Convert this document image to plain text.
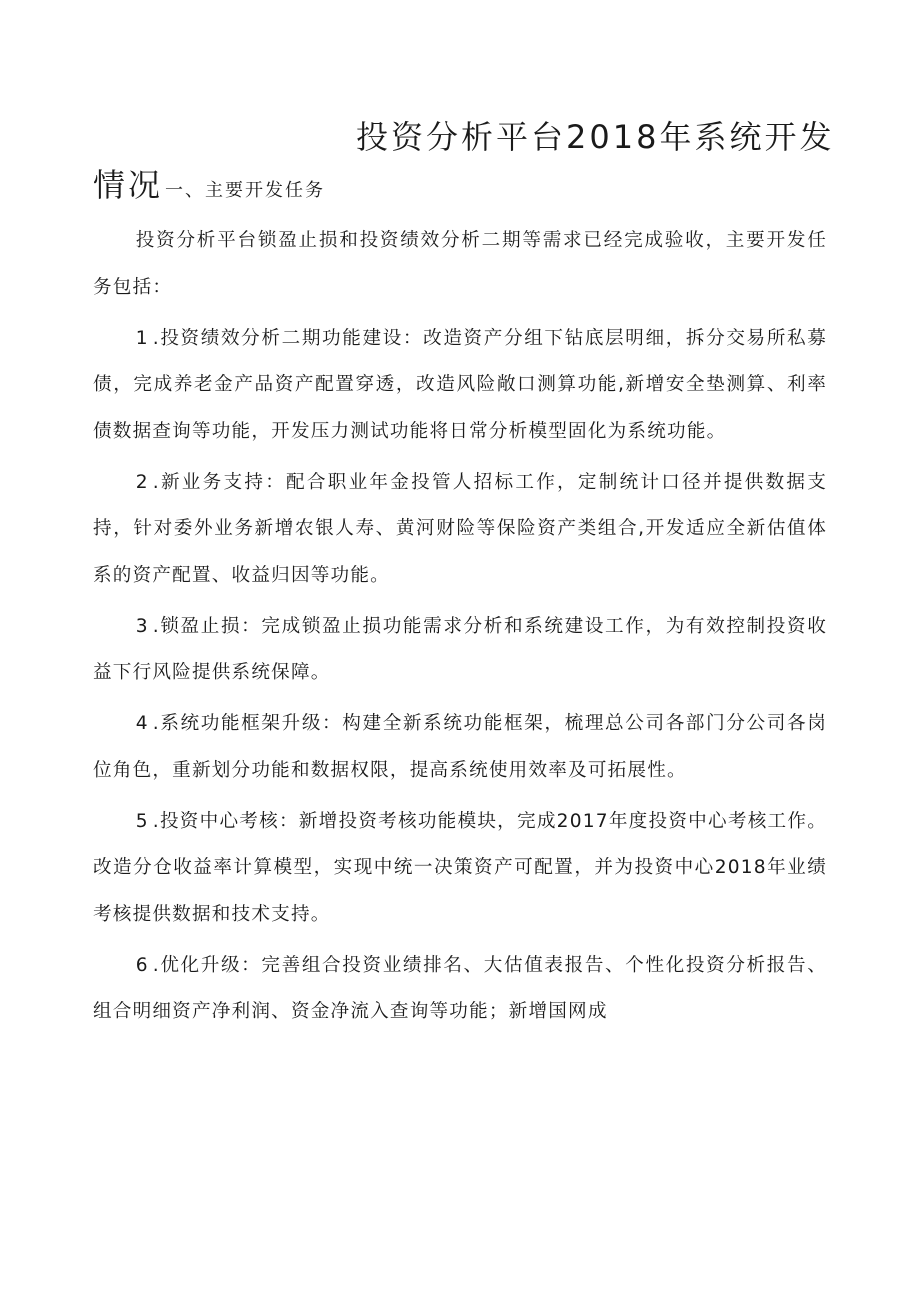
投资分析平台2018年系统开发
情况 一、主要开发任务

投资分析平台锁盈止损和投资绩效分析二期等需求已经完成验收，主要开发任务包括：

1 .投资绩效分析二期功能建设：改造资产分组下钻底层明细，拆分交易所私募债，完成养老金产品资产配置穿透，改造风险敞口测算功能,新增安全垫测算、利率债数据查询等功能，开发压力测试功能将日常分析模型固化为系统功能。

2 .新业务支持：配合职业年金投管人招标工作，定制统计口径并提供数据支持，针对委外业务新增农银人寿、黄河财险等保险资产类组合,开发适应全新估值体系的资产配置、收益归因等功能。

3 .锁盈止损：完成锁盈止损功能需求分析和系统建设工作，为有效控制投资收益下行风险提供系统保障。

4 .系统功能框架升级：构建全新系统功能框架，梳理总公司各部门分公司各岗位角色，重新划分功能和数据权限，提高系统使用效率及可拓展性。

5 .投资中心考核：新增投资考核功能模块，完成2017年度投资中心考核工作。改造分仓收益率计算模型，实现中统一决策资产可配置，并为投资中心2018年业绩考核提供数据和技术支持。

6 .优化升级：完善组合投资业绩排名、大估值表报告、个性化投资分析报告、组合明细资产净利润、资金净流入查询等功能；新增国网成
